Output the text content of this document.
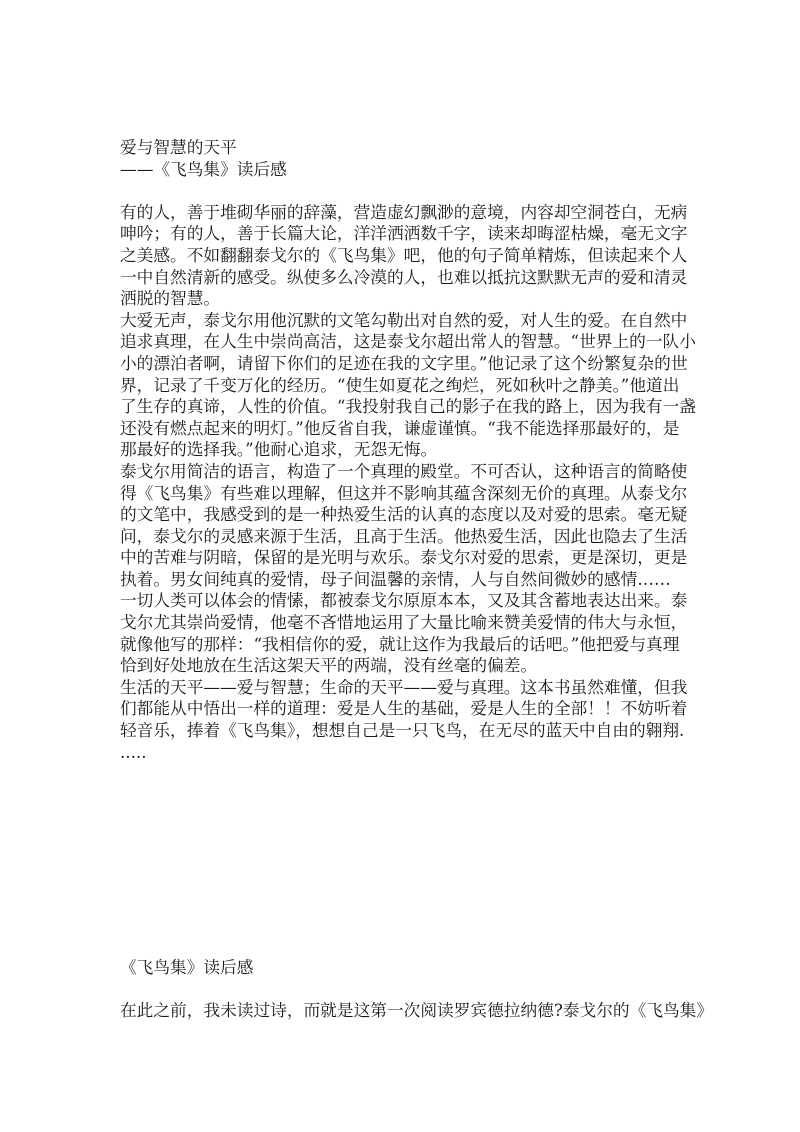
爱与智慧的天平
——《飞鸟集》读后感
有的人，善于堆砌华丽的辞藻，营造虚幻飘渺的意境，内容却空洞苍白，无病
呻吟；有的人，善于长篇大论，洋洋洒洒数千字，读来却晦涩枯燥，毫无文字
之美感。不如翻翻泰戈尔的《飞鸟集》吧，他的句子简单精炼，但读起来个人
一中自然清新的感受。纵使多么冷漠的人，也难以抵抗这默默无声的爱和清灵
洒脱的智慧。
大爱无声，泰戈尔用他沉默的文笔勾勒出对自然的爱，对人生的爱。在自然中
追求真理，在人生中崇尚高洁，这是泰戈尔超出常人的智慧。“世界上的一队小
小的漂泊者啊，请留下你们的足迹在我的文字里。”他记录了这个纷繁复杂的世
界，记录了千变万化的经历。“使生如夏花之绚烂，死如秋叶之静美。”他道出
了生存的真谛，人性的价值。“我投射我自己的影子在我的路上，因为我有一盏
还没有燃点起来的明灯。”他反省自我，谦虚谨慎。“我不能选择那最好的，是
那最好的选择我。”他耐心追求，无怨无悔。
泰戈尔用简洁的语言，构造了一个真理的殿堂。不可否认，这种语言的简略使
得《飞鸟集》有些难以理解，但这并不影响其蕴含深刻无价的真理。从泰戈尔
的文笔中，我感受到的是一种热爱生活的认真的态度以及对爱的思索。毫无疑
问，泰戈尔的灵感来源于生活，且高于生活。他热爱生活，因此也隐去了生活
中的苦难与阴暗，保留的是光明与欢乐。泰戈尔对爱的思索，更是深切，更是
执着。男女间纯真的爱情，母子间温馨的亲情，人与自然间微妙的感情……
一切人类可以体会的情愫，都被泰戈尔原原本本，又及其含蓄地表达出来。泰
戈尔尤其崇尚爱情，他毫不吝惜地运用了大量比喻来赞美爱情的伟大与永恒，
就像他写的那样：“我相信你的爱，就让这作为我最后的话吧。”他把爱与真理
恰到好处地放在生活这架天平的两端，没有丝毫的偏差。
生活的天平——爱与智慧；生命的天平——爱与真理。这本书虽然难懂，但我
们都能从中悟出一样的道理：爱是人生的基础，爱是人生的全部！！不妨听着
轻音乐，捧着《飞鸟集》，想想自己是一只飞鸟，在无尽的蓝天中自由的翱翔.
.....
《飞鸟集》读后感
在此之前，我未读过诗，而就是这第一次阅读罗宾德拉纳德?泰戈尔的《飞鸟集》
